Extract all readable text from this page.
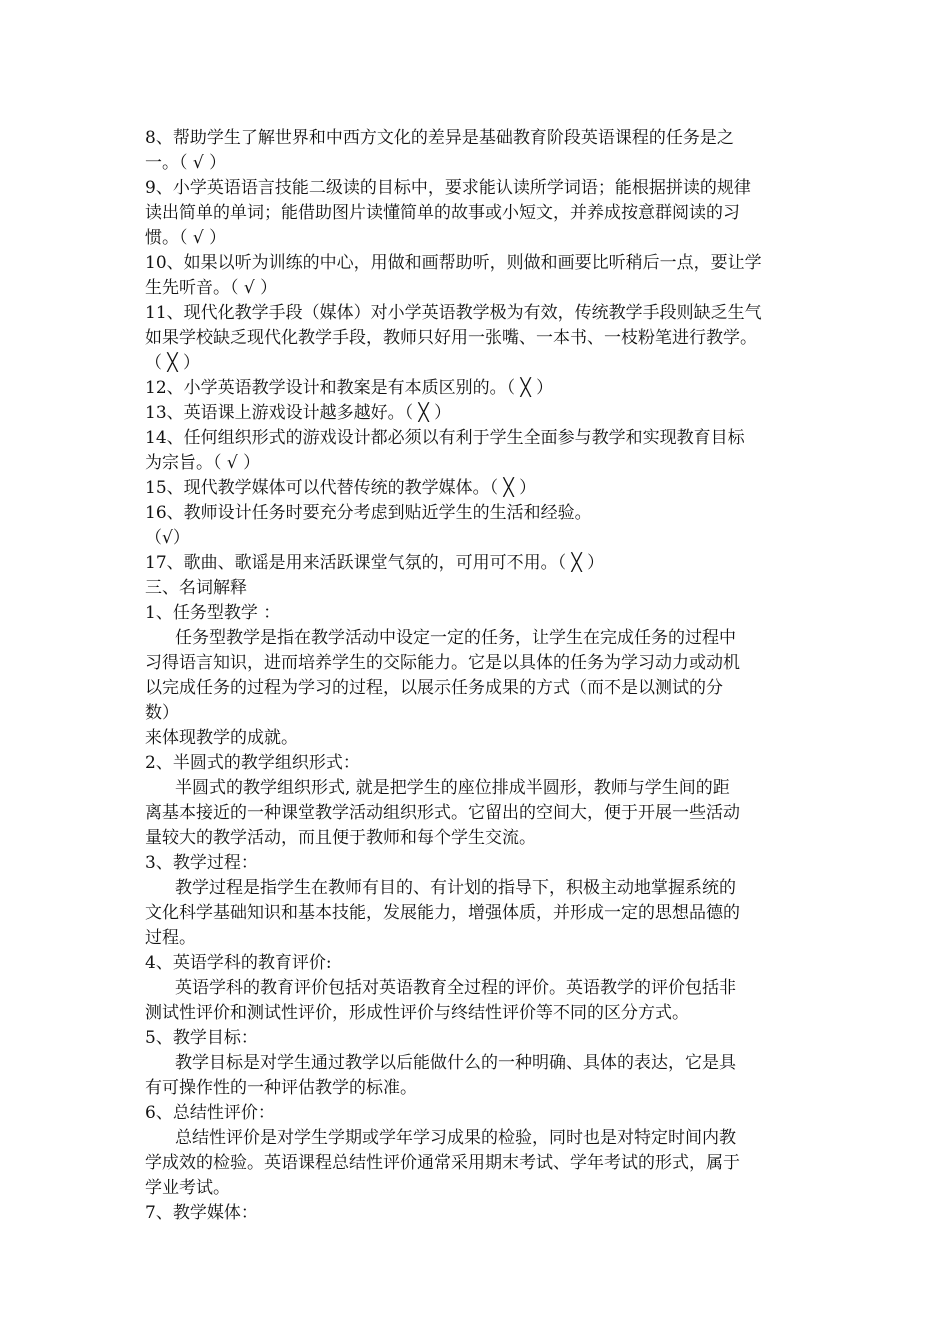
8、帮助学生了解世界和中西方文化的差异是基础教育阶段英语课程的任务是之
一。（ √ ）
9、小学英语语言技能二级读的目标中，要求能认读所学词语；能根据拼读的规律
读出简单的单词；能借助图片读懂简单的故事或小短文，并养成按意群阅读的习
惯。（ √ ）
10、如果以听为训练的中心，用做和画帮助听，则做和画要比听稍后一点，要让学
生先听音。（ √ ）
11、现代化教学手段（媒体）对小学英语教学极为有效，传统教学手段则缺乏生气
如果学校缺乏现代化教学手段，教师只好用一张嘴、一本书、一枝粉笔进行教学。
（ ╳ ）
12、小学英语教学设计和教案是有本质区别的。（ ╳ ）
13、英语课上游戏设计越多越好。（ ╳ ）
14、任何组织形式的游戏设计都必须以有利于学生全面参与教学和实现教育目标
为宗旨。（ √ ）
15、现代教学媒体可以代替传统的教学媒体。（ ╳ ）
16、教师设计任务时要充分考虑到贴近学生的生活和经验。
（√）
17、歌曲、歌谣是用来活跃课堂气氛的，可用可不用。（ ╳ ）
三、名词解释
1、任务型教学 ：
任务型教学是指在教学活动中设定一定的任务，让学生在完成任务的过程中
习得语言知识，进而培养学生的交际能力。它是以具体的任务为学习动力或动机
以完成任务的过程为学习的过程，以展示任务成果的方式（而不是以测试的分
数）
来体现教学的成就。
2、半圆式的教学组织形式：
半圆式的教学组织形式, 就是把学生的座位排成半圆形，教师与学生间的距
离基本接近的一种课堂教学活动组织形式。它留出的空间大，便于开展一些活动
量较大的教学活动，而且便于教师和每个学生交流。
3、教学过程：
教学过程是指学生在教师有目的、有计划的指导下，积极主动地掌握系统的
文化科学基础知识和基本技能，发展能力，增强体质，并形成一定的思想品德的
过程。
4、英语学科的教育评价:
英语学科的教育评价包括对英语教育全过程的评价。英语教学的评价包括非
测试性评价和测试性评价，形成性评价与终结性评价等不同的区分方式。
5、教学目标：
教学目标是对学生通过教学以后能做什么的一种明确、具体的表达，它是具
有可操作性的一种评估教学的标准。
6、总结性评价：
总结性评价是对学生学期或学年学习成果的检验，同时也是对特定时间内教
学成效的检验。英语课程总结性评价通常采用期末考试、学年考试的形式，属于
学业考试。
7、教学媒体：
